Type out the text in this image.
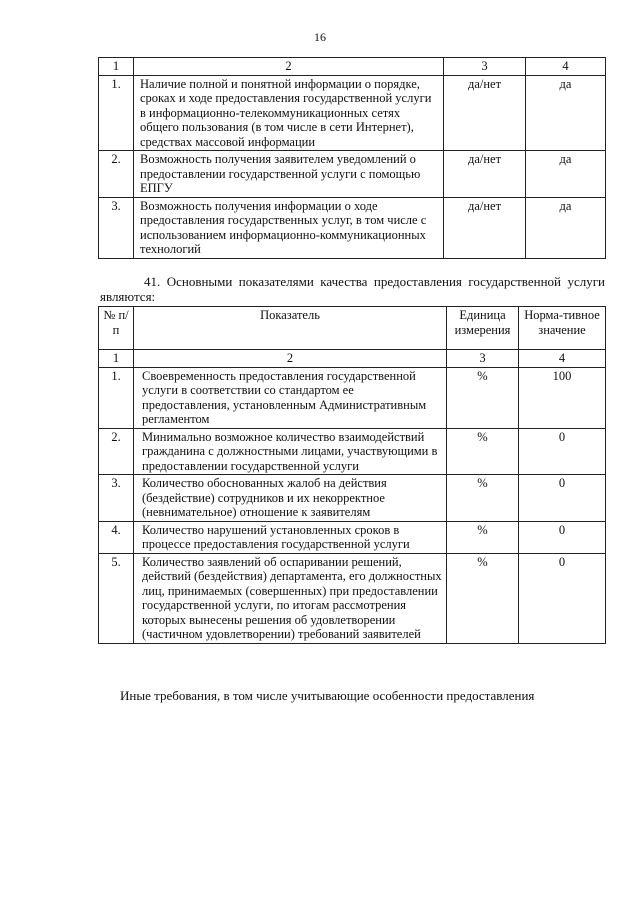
16
1	2	3	4
1.	Наличие полной и понятной информации о порядке, сроках и ходе предоставления государственной услуги в информационно-телекоммуникационных сетях общего пользования (в том числе в сети Интернет), средствах массовой информации	да/нет	да
2.	Возможность получения заявителем уведомлений о предоставлении государственной услуги с помощью ЕПГУ	да/нет	да
3.	Возможность получения информации о ходе предоставления государственных услуг, в том числе с использованием информационно-коммуникационных технологий	да/нет	да
41. Основными показателями качества предоставления государственной услуги являются:
№ п/п	Показатель	Единица измерения	Норма-тивное значение
1	2	3	4
1.	Своевременность предоставления государственной услуги в соответствии со стандартом ее предоставления, установленным Административным регламентом	%	100
2.	Минимально возможное количество взаимодействий гражданина с должностными лицами, участвующими в предоставлении государственной услуги	%	0
3.	Количество обоснованных жалоб на действия (бездействие) сотрудников и их некорректное (невнимательное) отношение к заявителям	%	0
4.	Количество нарушений установленных сроков в процессе предоставления государственной услуги	%	0
5.	Количество заявлений об оспаривании решений, действий (бездействия) департамента, его должностных лиц, принимаемых (совершенных) при предоставлении государственной услуги, по итогам рассмотрения которых вынесены решения об удовлетворении (частичном удовлетворении) требований заявителей	%	0
Иные требования, в том числе учитывающие особенности предоставления
